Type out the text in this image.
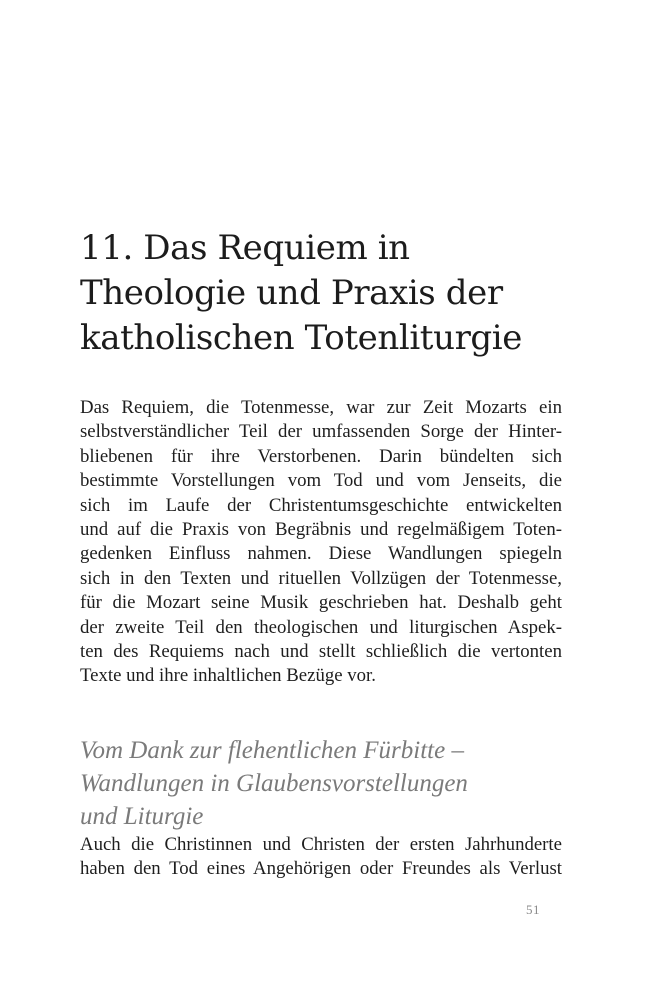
11. Das Requiem in
Theologie und Praxis der
katholischen Totenliturgie

Das Requiem, die Totenmesse, war zur Zeit Mozarts ein
selbstverständlicher Teil der umfassenden Sorge der Hinter-
bliebenen für ihre Verstorbenen. Darin bündelten sich
bestimmte Vorstellungen vom Tod und vom Jenseits, die
sich im Laufe der Christentumsgeschichte entwickelten
und auf die Praxis von Begräbnis und regelmäßigem Toten-
gedenken Einfluss nahmen. Diese Wandlungen spiegeln
sich in den Texten und rituellen Vollzügen der Totenmesse,
für die Mozart seine Musik geschrieben hat. Deshalb geht
der zweite Teil den theologischen und liturgischen Aspek-
ten des Requiems nach und stellt schließlich die vertonten
Texte und ihre inhaltlichen Bezüge vor.

Vom Dank zur flehentlichen Fürbitte –
Wandlungen in Glaubensvorstellungen
und Liturgie

Auch die Christinnen und Christen der ersten Jahrhunderte
haben den Tod eines Angehörigen oder Freundes als Verlust

51
